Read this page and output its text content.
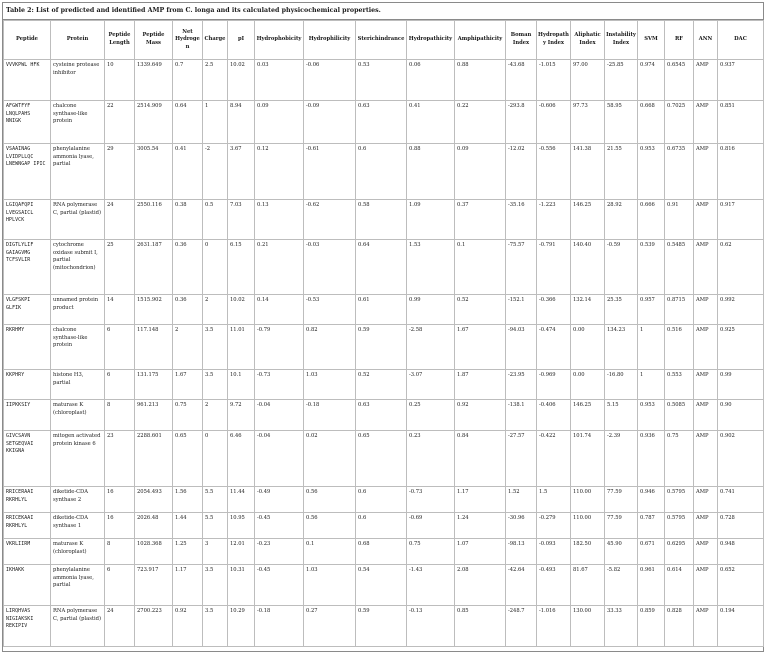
Table 2: List of predicted and identified AMP from C. longa and its calculated physicochemical properties.
Peptide	Protein	Peptide Length	Peptide Mass	Net Hydrogen	Charge	pI	Hydrophobicity	Hydrophilicity	Sterichindrance	Hydropathicity	Amphipathicity	Boman Index	Hydropathy Index	Aliphatic Index	Instability Index	SVM	RF	ANN	DAC
VVVKPWL HFK	cysteine protease inhibitor	10	1339.649	0.7	2.5	10.02	0.03	-0.06	0.53	0.06	0.88	-43.68	-1.015	97.00	-25.85	0.974	0.6545	AMP	0.937
AFGWTFYF LNQLPAHS NNIGK	chalcone synthase-like protein	22	2514.909	0.64	1	8.94	0.09	-0.09	0.63	0.41	0.22	-293.8	-0.606	97.73	58.95	0.668	0.7025	AMP	0.851
VSAAINAG LVIDPLLQC LNEWNGAP IPIC	phenylalanine ammonia lyase, partial	29	3005.54	0.41	-2	3.67	0.12	-0.61	0.6	0.88	0.09	-12.02	-0.556	141.38	21.55	0.953	0.6735	AMP	0.816
LGIQAFQPI LVEGSAICL HPLVCK	RNA polymerase C, partial (plastid)	24	2550.116	0.38	0.5	7.03	0.13	-0.62	0.58	1.09	0.37	-35.16	-1.223	146.25	28.92	0.666	0.91	AMP	0.917
DIGTLYLIF GAIAGVMG TCFSVLIR	cytochrome oxidase submit I, partial (mitochondrion)	25	2631.187	0.36	0	6.15	0.21	-0.03	0.64	1.53	0.1	-75.57	-0.791	140.40	-0.59	0.539	0.5485	AMP	0.62
VLGFSKPI GLFIK	unnamed protein product	14	1515.902	0.36	2	10.02	0.14	-0.53	0.61	0.99	0.52	-152.1	-0.366	132.14	25.35	0.957	0.8715	AMP	0.992
RKRHMY	chalcone synthase-like protein	6	117.148	2	3.5	11.01	-0.79	0.82	0.59	-2.58	1.67	-94.03	-0.474	0.00	134.23	1	0.516	AMP	0.925
KKPHRY	histone H3, partial	6	131.175	1.67	3.5	10.1	-0.73	1.03	0.52	-3.07	1.87	-23.95	-0.969	0.00	-16.80	1	0.553	AMP	0.99
IIPKKSIY	maturase K (chloroplast)	8	961.213	0.75	2	9.72	-0.04	-0.18	0.63	0.25	0.92	-138.1	-0.406	146.25	5.15	0.953	0.5085	AMP	0.90
GIVCSAVN SETGEQVAI KKIGNA	mitogen activated protein kinase 6	23	2288.601	0.65	0	6.46	-0.04	0.02	0.65	0.23	0.84	-27.57	-0.422	101.74	-2.39	0.936	0.75	AMP	0.902
RRICERAAI RKRHLYL	diketide-CDA synthase 2	16	2054.493	1.56	5.5	11.44	-0.49	0.56	0.6	-0.73	1.17	1.52	1.5	110.00	77.59	0.946	0.5795	AMP	0.741
RRICEKAAI RKRHLYL	diketide-CDA synthase 1	16	2026.48	1.44	5.5	10.95	-0.45	0.56	0.6	-0.69	1.24	-30.96	-0.279	110.00	77.59	0.787	0.5795	AMP	0.728
VKRLIIRM	maturase K (chloroplast)	8	1028.368	1.25	3	12.01	-0.23	0.1	0.68	0.75	1.07	-98.13	-0.093	182.50	45.90	0.671	0.6295	AMP	0.948
IKHAKK	phenylalanine ammonia lyase, partial	6	723.917	1.17	3.5	10.31	-0.45	1.03	0.54	-1.43	2.08	-42.64	-0.493	81.67	-5.82	0.961	0.614	AMP	0.652
LIRQHVAS NIGIAKSKI REKIPIV	RNA polymerase C, partial (plastid)	24	2700.223	0.92	3.5	10.29	-0.18	0.27	0.59	-0.13	0.85	-248.7	-1.016	130.00	33.33	0.859	0.828	AMP	0.194
